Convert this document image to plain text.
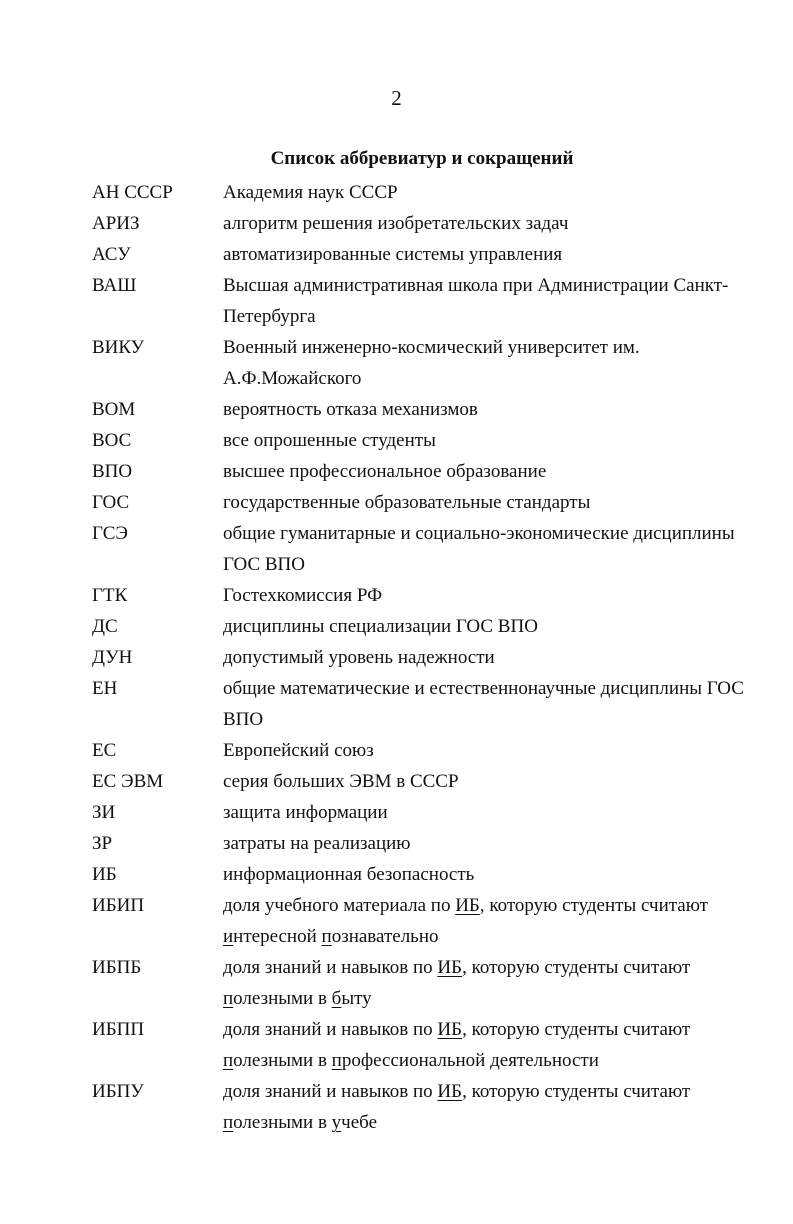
2
Список аббревиатур и сокращений
АН СССР	Академия наук СССР
АРИЗ	алгоритм решения изобретательских задач
АСУ	автоматизированные системы управления
ВАШ	Высшая административная школа при Администрации Санкт-
Петербурга
ВИКУ	Военный инженерно-космический университет им.
А.Ф.Можайского
ВОМ	вероятность отказа механизмов
ВОС	все опрошенные студенты
ВПО	высшее профессиональное образование
ГОС	государственные образовательные стандарты
ГСЭ	общие гуманитарные и социально-экономические дисциплины
ГОС ВПО
ГТК	Гостехкомиссия РФ
ДС	дисциплины специализации ГОС ВПО
ДУН	допустимый уровень надежности
ЕН	общие математические и естественнонаучные дисциплины ГОС
ВПО
ЕС	Европейский союз
ЕС ЭВМ	серия больших ЭВМ в СССР
ЗИ	защита информации
ЗР	затраты на реализацию
ИБ	информационная безопасность
ИБИП	доля учебного материала по ИБ, которую студенты считают
интересной познавательно
ИБПБ	доля знаний и навыков по ИБ, которую студенты считают
полезными в быту
ИБПП	доля знаний и навыков по ИБ, которую студенты считают
полезными в профессиональной деятельности
ИБПУ	доля знаний и навыков по ИБ, которую студенты считают
полезными в учебе
